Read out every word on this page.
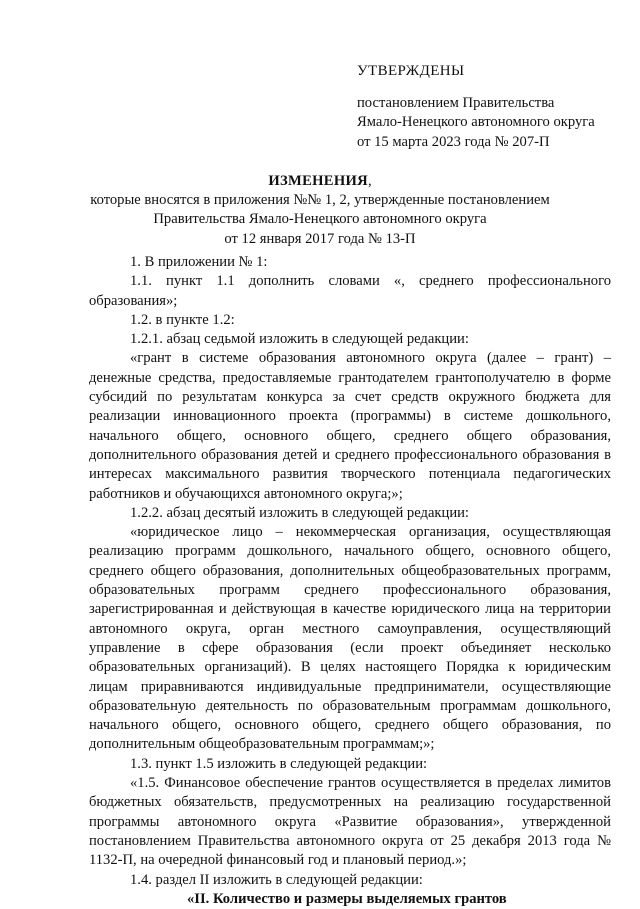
УТВЕРЖДЕНЫ
постановлением Правительства
Ямало-Ненецкого автономного округа
от 15 марта 2023 года № 207-П
ИЗМЕНЕНИЯ,
которые вносятся в приложения №№ 1, 2, утвержденные постановлением
Правительства Ямало-Ненецкого автономного округа
от 12 января 2017 года № 13-П

1. В приложении № 1:

1.1. пункт 1.1 дополнить словами «, среднего профессионального образования»;

1.2. в пункте 1.2:

1.2.1. абзац седьмой изложить в следующей редакции:

«грант в системе образования автономного округа (далее – грант) – денежные средства, предоставляемые грантодателем грантополучателю в форме субсидий по результатам конкурса за счет средств окружного бюджета для реализации инновационного проекта (программы) в системе дошкольного, начального общего, основного общего, среднего общего образования, дополнительного образования детей и среднего профессионального образования в интересах максимального развития творческого потенциала педагогических работников и обучающихся автономного округа;»;

1.2.2. абзац десятый изложить в следующей редакции:

«юридическое лицо – некоммерческая организация, осуществляющая реализацию программ дошкольного, начального общего, основного общего, среднего общего образования, дополнительных общеобразовательных программ, образовательных программ среднего профессионального образования, зарегистрированная и действующая в качестве юридического лица на территории автономного округа, орган местного самоуправления, осуществляющий управление в сфере образования (если проект объединяет несколько образовательных организаций). В целях настоящего Порядка к юридическим лицам приравниваются индивидуальные предприниматели, осуществляющие образовательную деятельность по образовательным программам дошкольного, начального общего, основного общего, среднего общего образования, по дополнительным общеобразовательным программам;»;

1.3. пункт 1.5 изложить в следующей редакции:

«1.5. Финансовое обеспечение грантов осуществляется в пределах лимитов бюджетных обязательств, предусмотренных на реализацию государственной программы автономного округа «Развитие образования», утвержденной постановлением Правительства автономного округа от 25 декабря 2013 года № 1132-П, на очередной финансовый год и плановый период.»;

1.4. раздел II изложить в следующей редакции:

«II. Количество и размеры выделяемых грантов
